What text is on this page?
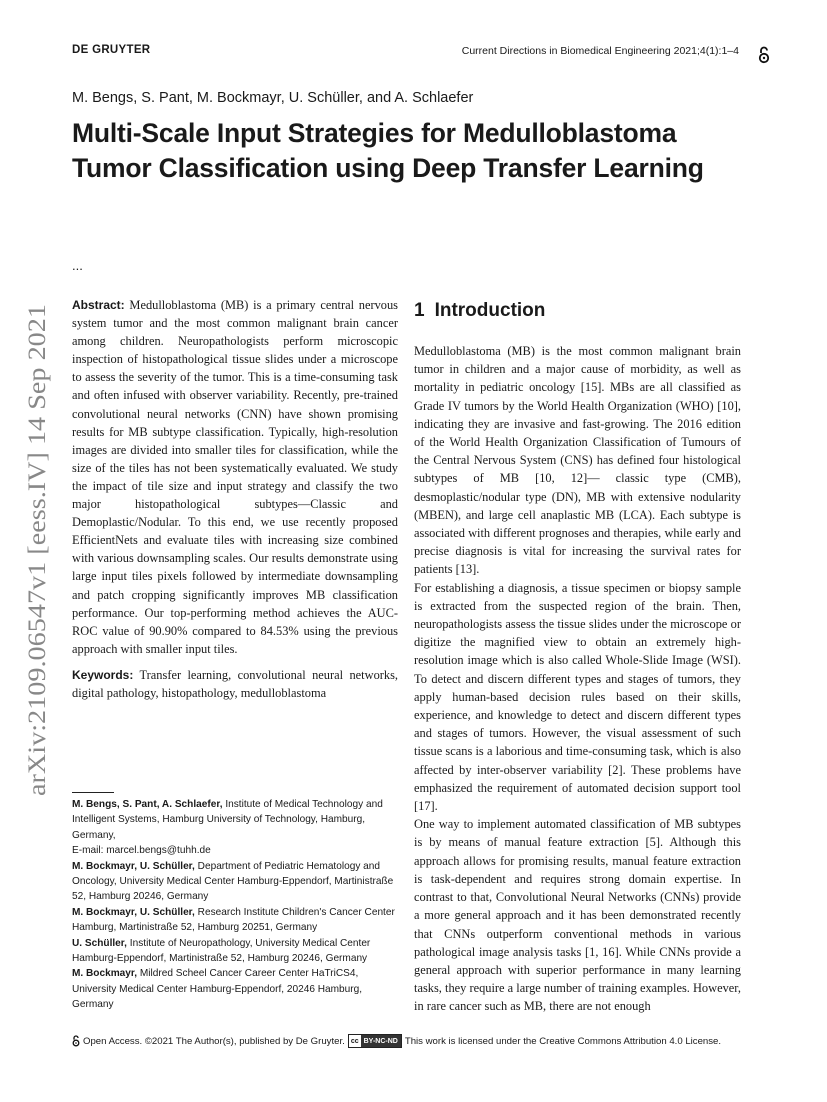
DE GRUYTER	Current Directions in Biomedical Engineering 2021;4(1):1–4
M. Bengs, S. Pant, M. Bockmayr, U. Schüller, and A. Schlaefer
Multi-Scale Input Strategies for Medulloblastoma Tumor Classification using Deep Transfer Learning
...
arXiv:2109.06547v1 [eess.IV] 14 Sep 2021

Abstract: Medulloblastoma (MB) is a primary central nervous system tumor and the most common malignant brain cancer among children. Neuropathologists perform microscopic inspection of histopathological tissue slides under a microscope to assess the severity of the tumor. This is a time-consuming task and often infused with observer variability. Recently, pre-trained convolutional neural networks (CNN) have shown promising results for MB subtype classification. Typically, high-resolution images are divided into smaller tiles for classification, while the size of the tiles has not been systematically evaluated. We study the impact of tile size and input strategy and classify the two major histopathological subtypes—Classic and Demoplastic/Nodular. To this end, we use recently proposed EfficientNets and evaluate tiles with increasing size combined with various downsampling scales. Our results demonstrate using large input tiles pixels followed by intermediate downsampling and patch cropping significantly improves MB classification performance. Our top-performing method achieves the AUC-ROC value of 90.90% compared to 84.53% using the previous approach with smaller input tiles.

Keywords: Transfer learning, convolutional neural networks, digital pathology, histopathology, medulloblastoma

M. Bengs, S. Pant, A. Schlaefer, Institute of Medical Technology and Intelligent Systems, Hamburg University of Technology, Hamburg, Germany,

E-mail: marcel.bengs@tuhh.de

M. Bockmayr, U. Schüller, Department of Pediatric Hematology and Oncology, University Medical Center Hamburg-Eppendorf, Martinistraße 52, Hamburg 20246, Germany

M. Bockmayr, U. Schüller, Research Institute Children's Cancer Center Hamburg, Martinistraße 52, Hamburg 20251, Germany

U. Schüller, Institute of Neuropathology, University Medical Center Hamburg-Eppendorf, Martinistraße 52, Hamburg 20246, Germany

M. Bockmayr, Mildred Scheel Cancer Career Center HaTriCS4, University Medical Center Hamburg-Eppendorf, 20246 Hamburg, Germany

1 Introduction

Medulloblastoma (MB) is the most common malignant brain tumor in children and a major cause of morbidity, as well as mortality in pediatric oncology [15]. MBs are all classified as Grade IV tumors by the World Health Organization (WHO) [10], indicating they are invasive and fast-growing. The 2016 edition of the World Health Organization Classification of Tumours of the Central Nervous System (CNS) has defined four histological subtypes of MB [10, 12]— classic type (CMB), desmoplastic/nodular type (DN), MB with extensive nodularity (MBEN), and large cell anaplastic MB (LCA). Each subtype is associated with different prognoses and therapies, while early and precise diagnosis is vital for increasing the survival rates for patients [13].

For establishing a diagnosis, a tissue specimen or biopsy sample is extracted from the suspected region of the brain. Then, neuropathologists assess the tissue slides under the microscope or digitize the magnified view to obtain an extremely high-resolution image which is also called Whole-Slide Image (WSI). To detect and discern different types and stages of tumors, they apply human-based decision rules based on their skills, experience, and knowledge to detect and discern different types and stages of tumors. However, the visual assessment of such tissue scans is a laborious and time-consuming task, which is also affected by inter-observer variability [2]. These problems have emphasized the requirement of automated decision support tool [17].

One way to implement automated classification of MB subtypes is by means of manual feature extraction [5]. Although this approach allows for promising results, manual feature extraction is task-dependent and requires strong domain expertise. In contrast to that, Convolutional Neural Networks (CNNs) provide a more general approach and it has been demonstrated recently that CNNs outperform conventional methods in various pathological image analysis tasks [1, 16]. While CNNs provide a general approach with superior performance in many learning tasks, they require a large number of training examples. However, in rare cancer such as MB, there are not enough

Open Access. ©2021 The Author(s), published by De Gruyter. cc BY-NC-ND This work is licensed under the Creative Commons Attribution 4.0 License.
